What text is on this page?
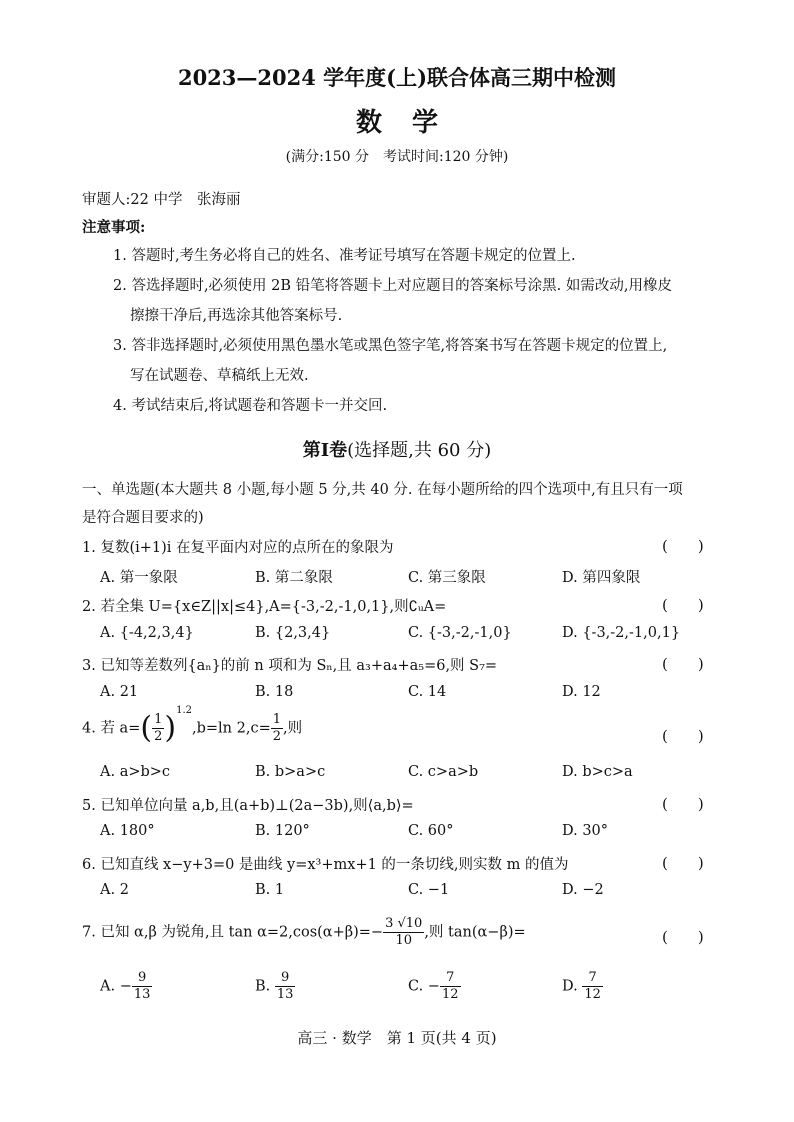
2023—2024 学年度(上)联合体高三期中检测
数学
(满分:150 分　考试时间:120 分钟)
审题人:22 中学　张海丽
注意事项:
1. 答题时,考生务必将自己的姓名、准考证号填写在答题卡规定的位置上.
2. 答选择题时,必须使用 2B 铅笔将答题卡上对应题目的答案标号涂黑. 如需改动,用橡皮
擦擦干净后,再选涂其他答案标号.
3. 答非选择题时,必须使用黑色墨水笔或黑色签字笔,将答案书写在答题卡规定的位置上,
写在试题卷、草稿纸上无效.
4. 考试结束后,将试题卷和答题卡一并交回.
第Ⅰ卷(选择题,共 60 分)
一、单选题(本大题共 8 小题,每小题 5 分,共 40 分. 在每小题所给的四个选项中,有且只有一项
是符合题目要求的)
1. 复数(i+1)i 在复平面内对应的点所在的象限为	(　　)
A. 第一象限	B. 第二象限	C. 第三象限	D. 第四象限
2. 若全集 U={x∈Z||x|≤4},A={-3,-2,-1,0,1},则∁ᵤA=	(　　)
A. {-4,2,3,4}	B. {2,3,4}	C. {-3,-2,-1,0}	D. {-3,-2,-1,0,1}
3. 已知等差数列{aₙ}的前 n 项和为 Sₙ,且 a₃+a₄+a₅=6,则 S₇=	(　　)
A. 21	B. 18	C. 14	D. 12
4. 若 $a=( \frac{1}{2} )^{1.2},b=\ln$ $2,c= \frac{1}{2}$ ,则	(　　)
A. a>b>c	B. b>a>c	C. c>a>b	D. b>c>a
5. 已知单位向量 a,b,且(a+b)⊥(2a−3b),则⟨a,b⟩=	(　　)
A. 180°	B. 120°	C. 60°	D. 30°
6. 已知直线 x−y+3=0 是曲线 y=x³+mx+1 的一条切线,则实数 m 的值为	(　　)
A. 2	B. 1	C. −1	D. −2
7. 已知 α,β 为锐角,且 $\tan \alpha=2,\cos(\alpha+\beta)=- \frac{3 √10}{10}$ ,则 tan(α−β)=	(　　)
A. − $\frac{9}{13}$	B. $\frac{9}{13}$	C. − $\frac{7}{12}$	D. $\frac{7}{12}$
高三 · 数学　第 1 页(共 4 页)
